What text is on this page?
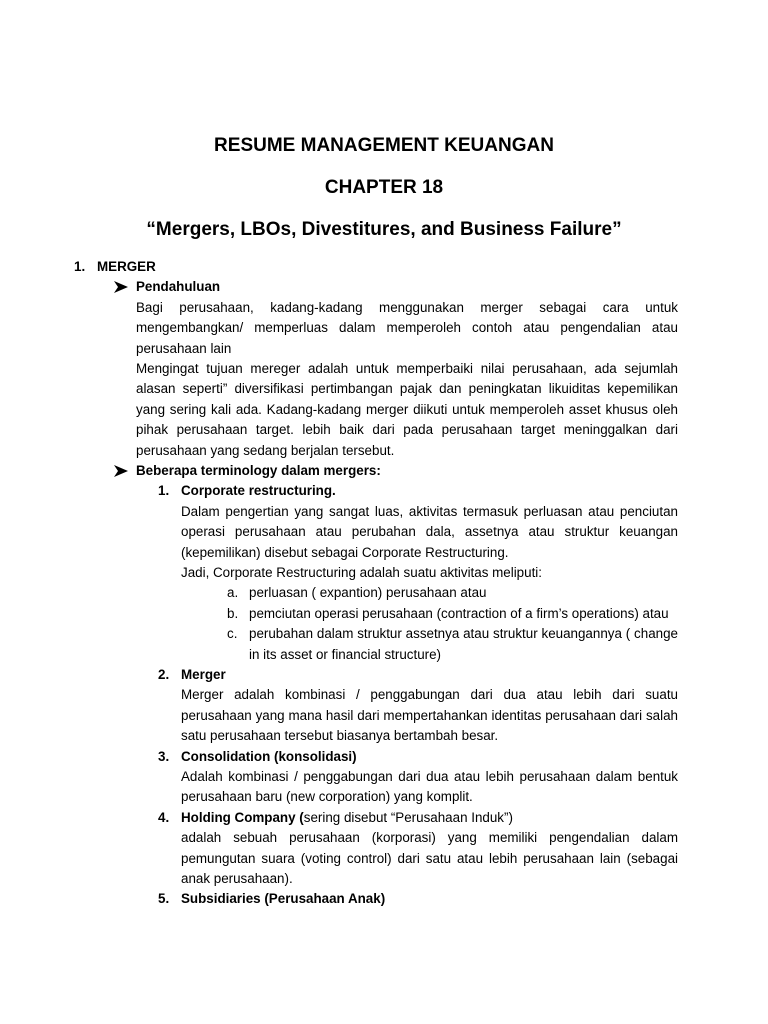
RESUME MANAGEMENT KEUANGAN
CHAPTER 18
“Mergers, LBOs, Divestitures, and Business Failure”
1. MERGER
Pendahuluan
Bagi perusahaan, kadang-kadang menggunakan merger sebagai cara untuk mengembangkan/ memperluas dalam memperoleh contoh atau pengendalian atau perusahaan lain
Mengingat tujuan mereger adalah untuk memperbaiki nilai perusahaan, ada sejumlah alasan seperti” diversifikasi pertimbangan pajak dan peningkatan likuiditas kepemilikan yang sering kali ada. Kadang-kadang merger diikuti untuk memperoleh asset khusus oleh pihak perusahaan target. lebih baik dari pada perusahaan target meninggalkan dari perusahaan yang sedang berjalan tersebut.
Beberapa terminology dalam mergers:
1. Corporate restructuring.
Dalam pengertian yang sangat luas, aktivitas termasuk perluasan atau penciutan operasi perusahaan atau perubahan dala, assetnya atau struktur keuangan (kepemilikan) disebut sebagai Corporate Restructuring.
Jadi, Corporate Restructuring adalah suatu aktivitas meliputi:
a. perluasan ( expantion) perusahaan atau
b. pemciutan operasi perusahaan (contraction of a firm’s operations) atau
c. perubahan dalam struktur assetnya atau struktur keuangannya ( change in its asset or financial structure)
2. Merger
Merger adalah kombinasi / penggabungan dari dua atau lebih dari suatu perusahaan yang mana hasil dari mempertahankan identitas perusahaan dari salah satu perusahaan tersebut biasanya bertambah besar.
3. Consolidation (konsolidasi)
Adalah kombinasi / penggabungan dari dua atau lebih perusahaan dalam bentuk perusahaan baru (new corporation) yang komplit.
4. Holding Company (sering disebut “Perusahaan Induk”)
adalah sebuah perusahaan (korporasi) yang memiliki pengendalian dalam pemungutan suara (voting control) dari satu atau lebih perusahaan lain (sebagai anak perusahaan).
5. Subsidiaries (Perusahaan Anak)
